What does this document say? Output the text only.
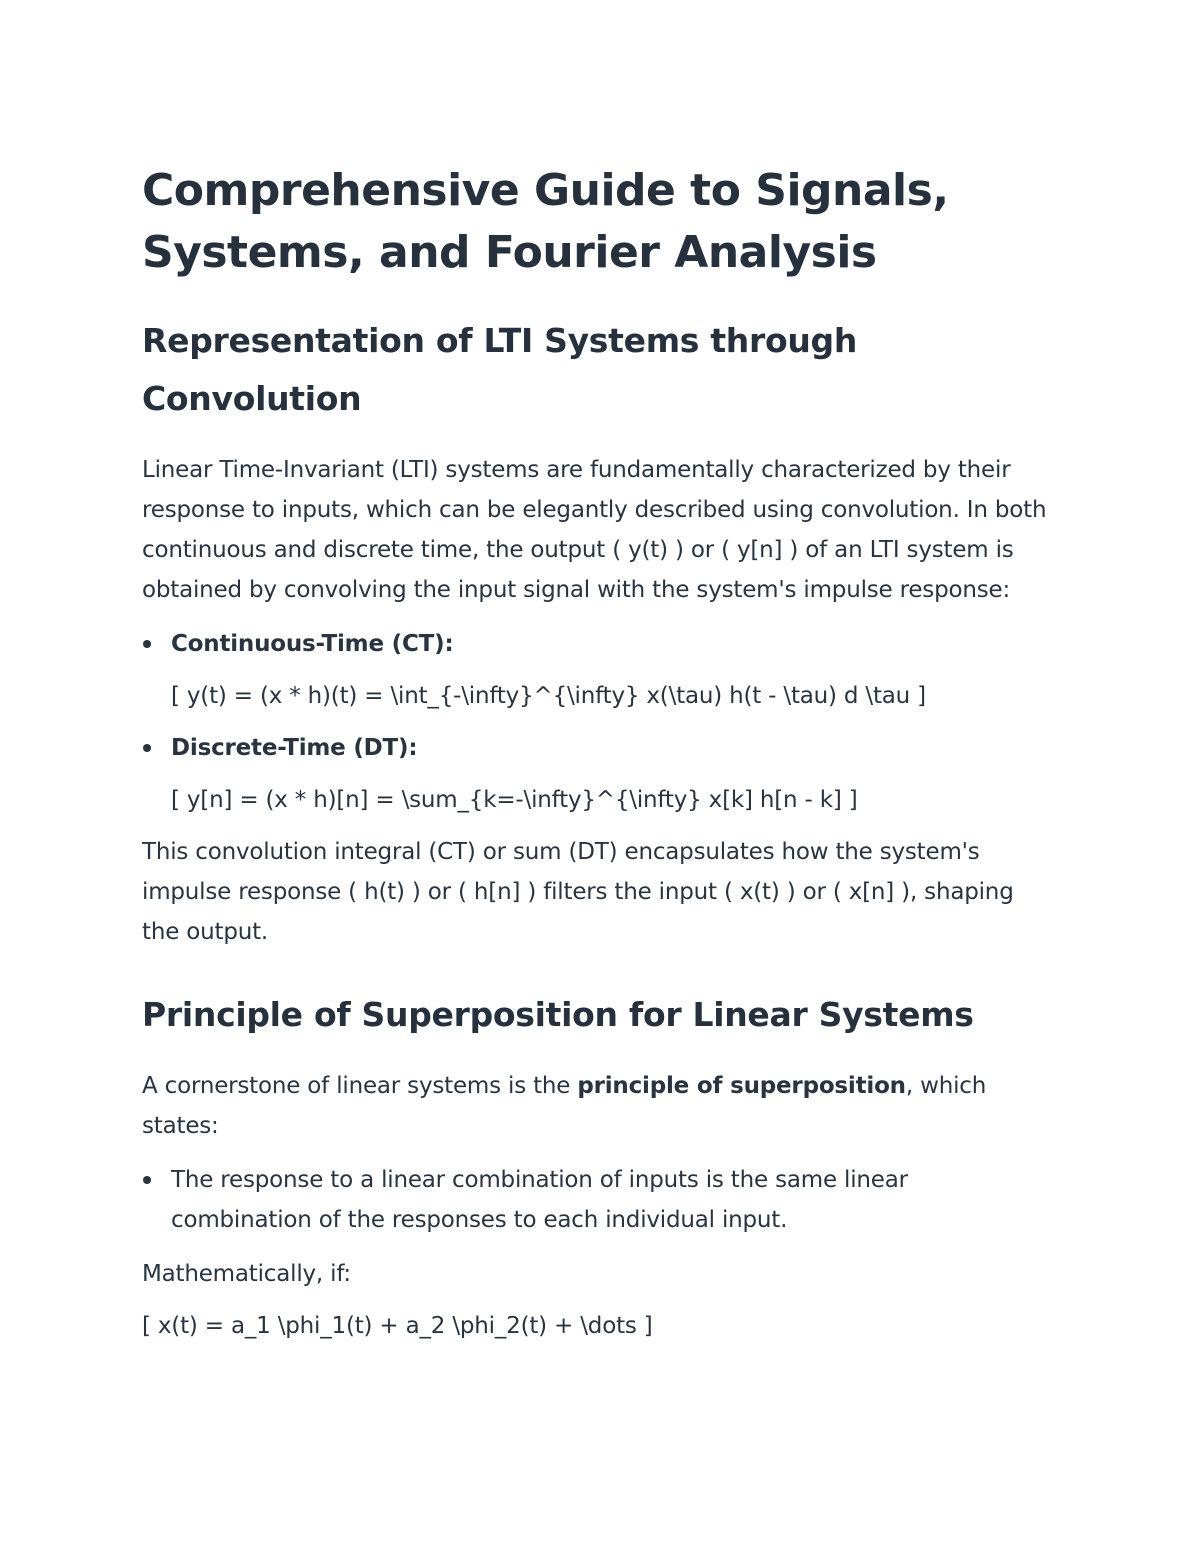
Comprehensive Guide to Signals, Systems, and Fourier Analysis
Representation of LTI Systems through Convolution

Linear Time-Invariant (LTI) systems are fundamentally characterized by their response to inputs, which can be elegantly described using convolution. In both continuous and discrete time, the output ( y(t) ) or ( y[n] ) of an LTI system is obtained by convolving the input signal with the system's impulse response:

Continuous-Time (CT):
[ y(t) = (x * h)(t) = \int_{-\infty}^{\infty} x(\tau) h(t - \tau) d \tau ]
Discrete-Time (DT):
[ y[n] = (x * h)[n] = \sum_{k=-\infty}^{\infty} x[k] h[n - k] ]

This convolution integral (CT) or sum (DT) encapsulates how the system's impulse response ( h(t) ) or ( h[n] ) filters the input ( x(t) ) or ( x[n] ), shaping the output.

Principle of Superposition for Linear Systems

A cornerstone of linear systems is the principle of superposition, which states:

The response to a linear combination of inputs is the same linear combination of the responses to each individual input.

Mathematically, if:

[ x(t) = a_1 \phi_1(t) + a_2 \phi_2(t) + \dots ]
